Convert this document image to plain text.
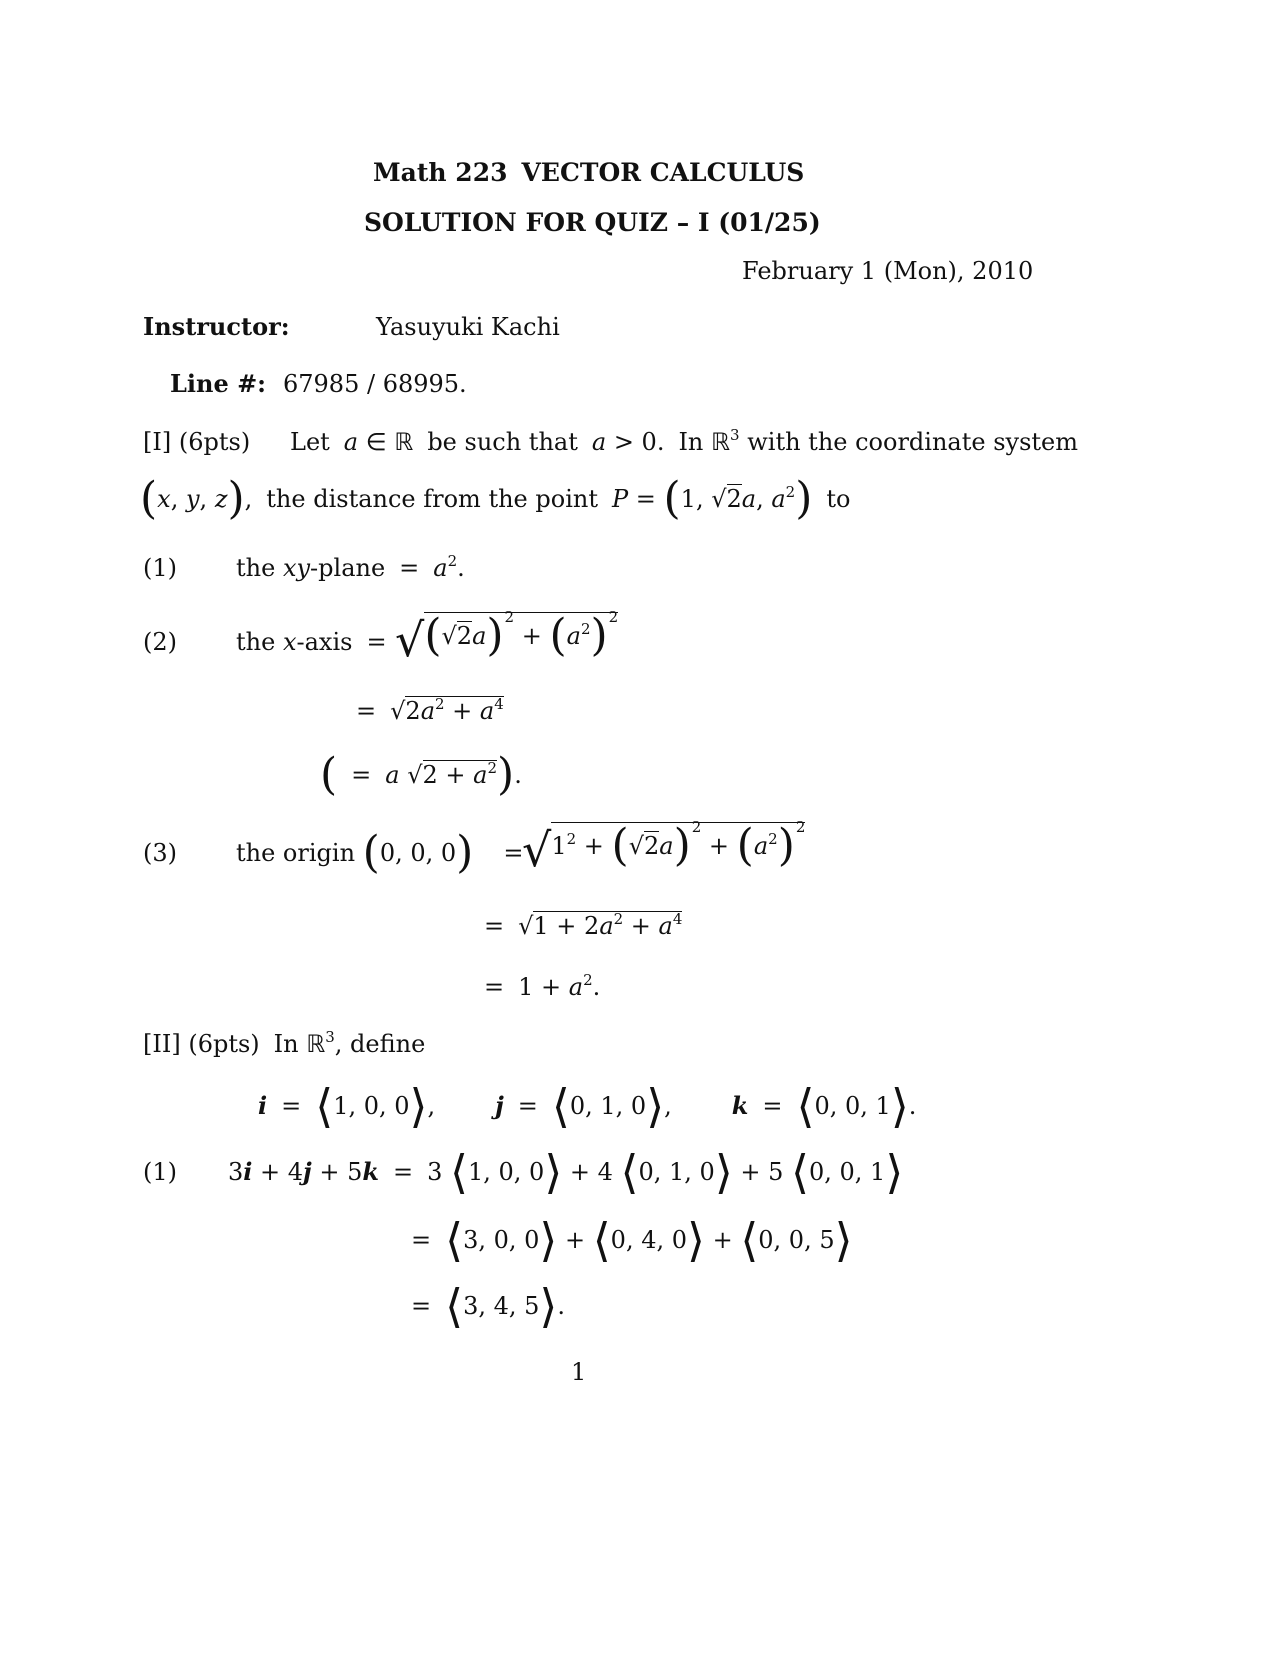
Math 223 VECTOR CALCULUS
SOLUTION FOR QUIZ – I (01/25)
February 1 (Mon), 2010
Instructor:	Yasuyuki Kachi
Line #: 67985 / 68995.
[I] (6pts) Let a ∈ ℝ be such that a > 0. In ℝ$^3$ with the coordinate system
(x, y, z), the distance from the point P = (1, √2a, $a^2$) to
(1) the xy-plane = $a^2$.
(2) the x-axis = $√(√2a)^2 + (a^2)^2$
= $√2a^2 + a^4$
( = a $√2 + a^2$).
(3) the origin (0, 0, 0) =
$√1^2 + (√2a)^2 + (a^2)^2$
= $√1 + 2a^2 + a^4$
= $1 + a^2$.
[II] (6pts) In ℝ$^3$, define
i = ⟨1, 0, 0⟩,	j = ⟨0, 1, 0⟩,	k = ⟨0, 0, 1⟩.
(1) 3i + 4j + 5k = 3 ⟨1, 0, 0⟩ + 4 ⟨0, 1, 0⟩ + 5 ⟨0, 0, 1⟩
= ⟨3, 0, 0⟩ + ⟨0, 4, 0⟩ + ⟨0, 0, 5⟩
= ⟨3, 4, 5⟩.
1
